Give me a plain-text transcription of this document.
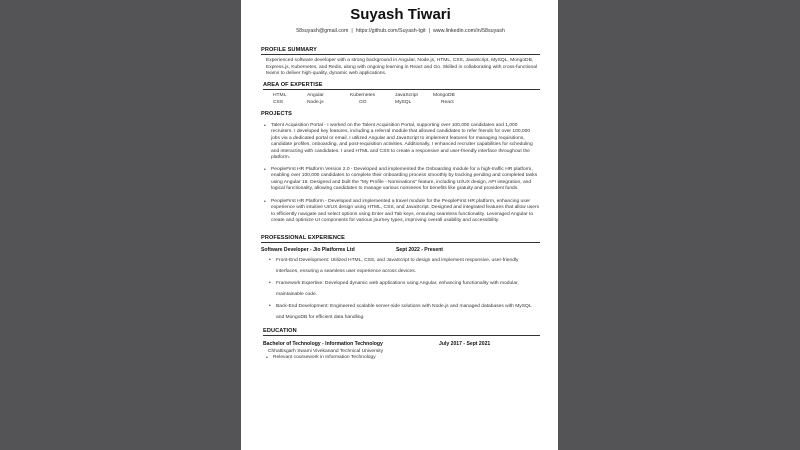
Suyash Tiwari
58suyash@gmail.com | https://github.com/Suyash-tgit | www.linkedin.com/in/58suyash
PROFILE SUMMARY
Experienced software developer with a strong background in Angular, Node.js, HTML, CSS, JavaScript, MySQL, MongoDB, Express.js, Kubernetes, and Redis, along with ongoing learning in React and Go. Skilled in collaborating with cross-functional teams to deliver high-quality, dynamic web applications.
AREA OF EXPERTISE
HTML
CSS
Angular
Node.js
Kubernetes
GO
JavaScript
MySQL
MongoDB
React
PROJECTS
• Talent Acquisition Portal - I worked on the Talent Acquisition Portal, supporting over 100,000 candidates and 1,000 recruiters. I developed key features, including a referral module that allowed candidates to refer friends for over 100,000 jobs via a dedicated portal or email. I utilized Angular and JavaScript to implement features for managing requisitions, candidate profiles, onboarding, and post-requisition activities. Additionally, I enhanced recruiter capabilities for scheduling and interacting with candidates. I used HTML and CSS to create a responsive and user-friendly interface throughout the platform.
• PeopleFirst HR Platform Version 2.0 - Developed and implemented the Onboarding module for a high-traffic HR platform, enabling over 100,000 candidates to complete their onboarding process smoothly by tracking pending and completed tasks using Angular 16. Designed and built the "My Profile - Nominations" feature, including UI/UX design, API integration, and logical functionality, allowing candidates to manage various nominees for benefits like gratuity and provident funds.
• PeopleFirst HR Platform - Developed and implemented a travel module for the PeopleFirst HR platform, enhancing user experience with intuitive UI/UX design using HTML, CSS, and JavaScript. Designed and integrated features that allow users to efficiently navigate and select options using Enter and Tab keys, ensuring seamless functionality. Leveraged Angular to create and optimize UI components for various journey types, improving overall usability and accessibility.
PROFESSIONAL EXPERIENCE
Software Developer - Jio Platforms Ltd	Sept 2022 - Present
• Front-End Development: Utilized HTML, CSS, and JavaScript to design and implement responsive, user-friendly interfaces, ensuring a seamless user experience across devices.
• Framework Expertise: Developed dynamic web applications using Angular, enhancing functionality with modular, maintainable code.
• Back-End Development: Engineered scalable server-side solutions with Node.js and managed databases with MySQL and MongoDB for efficient data handling.
EDUCATION
Bachelor of Technology - Information Technology	July 2017 - Sept 2021
Chhattisgarh Swami Vivekanand Technical University
• Relevant coursework in Information Technology
